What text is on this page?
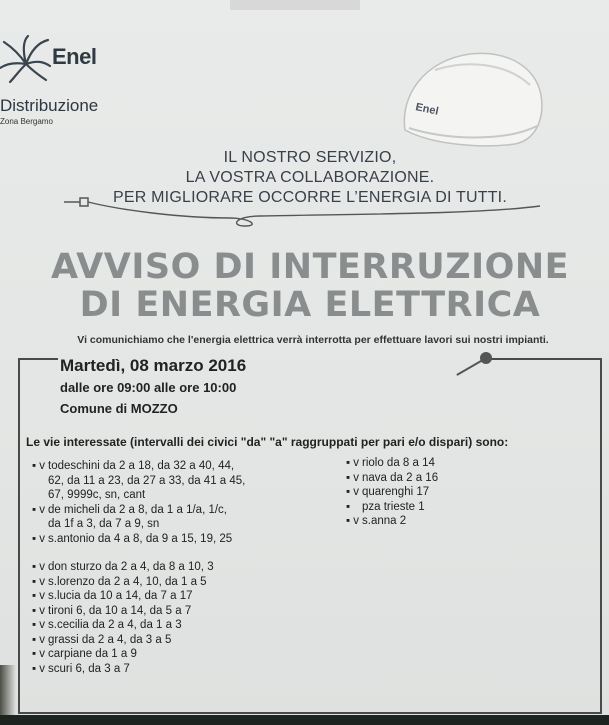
Enel
Distribuzione
Zona Bergamo
Enel
IL NOSTRO SERVIZIO,
LA VOSTRA COLLABORAZIONE.
PER MIGLIORARE OCCORRE L’ENERGIA DI TUTTI.
AVVISO DI INTERRUZIONE
DI ENERGIA ELETTRICA
Vi comunichiamo che l'energia elettrica verrà interrotta per effettuare lavori sui nostri impianti.
Martedì, 08 marzo 2016
dalle ore 09:00 alle ore 10:00
Comune di MOZZO
Le vie interessate (intervalli dei civici "da" "a" raggruppati per pari e/o dispari) sono:
▪ v todeschini da 2 a 18, da 32 a 40, 44,
62, da 11 a 23, da 27 a 33, da 41 a 45,
67, 9999c, sn, cant
▪ v de micheli da 2 a 8, da 1 a 1/a, 1/c,
da 1f a 3, da 7 a 9, sn
▪ v s.antonio da 4 a 8, da 9 a 15, 19, 25
▪ v riolo da 8 a 14
▪ v nava da 2 a 16
▪ v quarenghi 17
▪ pza trieste 1
▪ v s.anna 2
▪ v don sturzo da 2 a 4, da 8 a 10, 3
▪ v s.lorenzo da 2 a 4, 10, da 1 a 5
▪ v s.lucia da 10 a 14, da 7 a 17
▪ v tironi 6, da 10 a 14, da 5 a 7
▪ v s.cecilia da 2 a 4, da 1 a 3
▪ v grassi da 2 a 4, da 3 a 5
▪ v carpiane da 1 a 9
▪ v scuri 6, da 3 a 7
